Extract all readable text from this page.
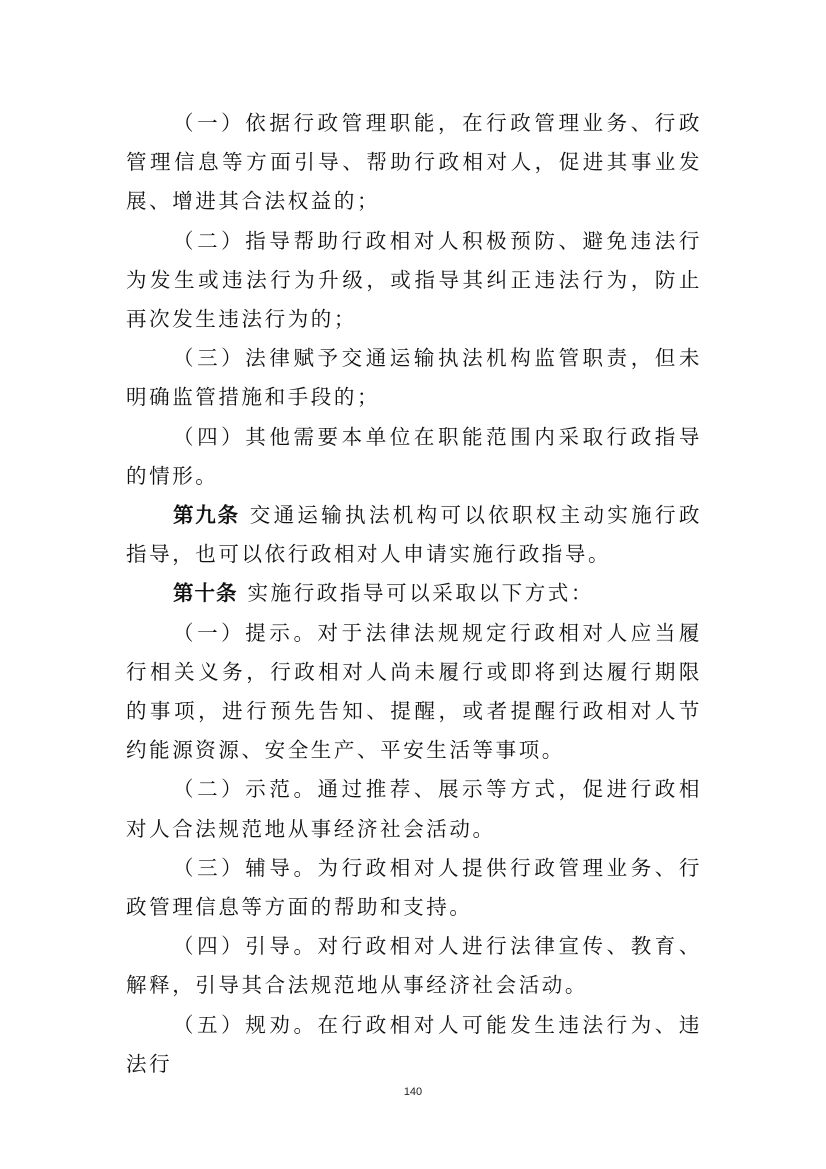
（一）依据行政管理职能，在行政管理业务、行政管理信息等方面引导、帮助行政相对人，促进其事业发展、增进其合法权益的；

（二）指导帮助行政相对人积极预防、避免违法行为发生或违法行为升级，或指导其纠正违法行为，防止再次发生违法行为的；

（三）法律赋予交通运输执法机构监管职责，但未明确监管措施和手段的；

（四）其他需要本单位在职能范围内采取行政指导的情形。

第九条 交通运输执法机构可以依职权主动实施行政指导，也可以依行政相对人申请实施行政指导。

第十条 实施行政指导可以采取以下方式：

（一）提示。对于法律法规规定行政相对人应当履行相关义务，行政相对人尚未履行或即将到达履行期限的事项，进行预先告知、提醒，或者提醒行政相对人节约能源资源、安全生产、平安生活等事项。

（二）示范。通过推荐、展示等方式，促进行政相对人合法规范地从事经济社会活动。

（三）辅导。为行政相对人提供行政管理业务、行政管理信息等方面的帮助和支持。

（四）引导。对行政相对人进行法律宣传、教育、解释，引导其合法规范地从事经济社会活动。

（五）规劝。在行政相对人可能发生违法行为、违法行

140
